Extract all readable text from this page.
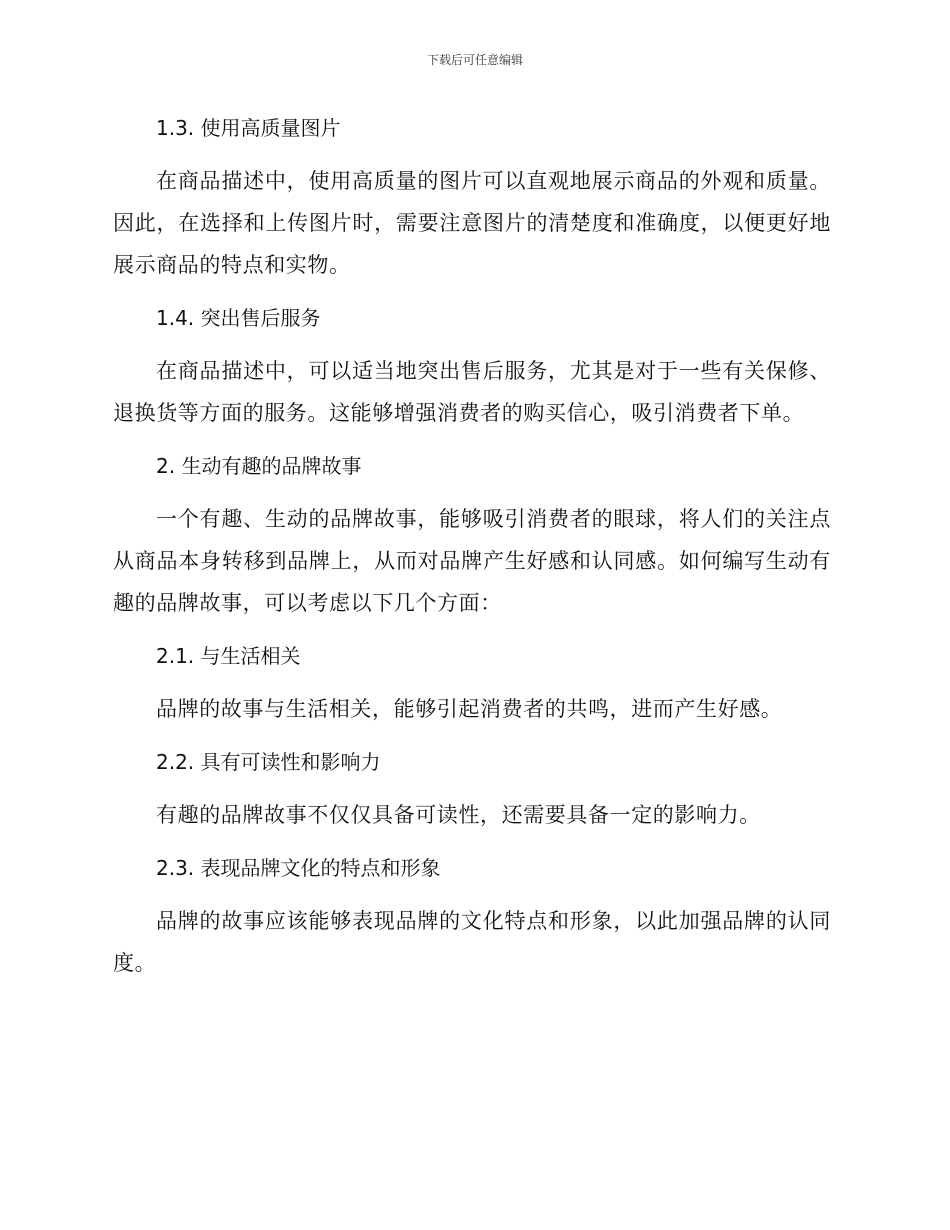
下载后可任意编辑
1.3. 使用高质量图片

在商品描述中，使用高质量的图片可以直观地展示商品的外观和质量。因此，在选择和上传图片时，需要注意图片的清楚度和准确度，以便更好地展示商品的特点和实物。

1.4. 突出售后服务

在商品描述中，可以适当地突出售后服务，尤其是对于一些有关保修、退换货等方面的服务。这能够增强消费者的购买信心，吸引消费者下单。

2. 生动有趣的品牌故事

一个有趣、生动的品牌故事，能够吸引消费者的眼球，将人们的关注点从商品本身转移到品牌上，从而对品牌产生好感和认同感。如何编写生动有趣的品牌故事，可以考虑以下几个方面：

2.1. 与生活相关

品牌的故事与生活相关，能够引起消费者的共鸣，进而产生好感。

2.2. 具有可读性和影响力

有趣的品牌故事不仅仅具备可读性，还需要具备一定的影响力。

2.3. 表现品牌文化的特点和形象

品牌的故事应该能够表现品牌的文化特点和形象，以此加强品牌的认同度。
